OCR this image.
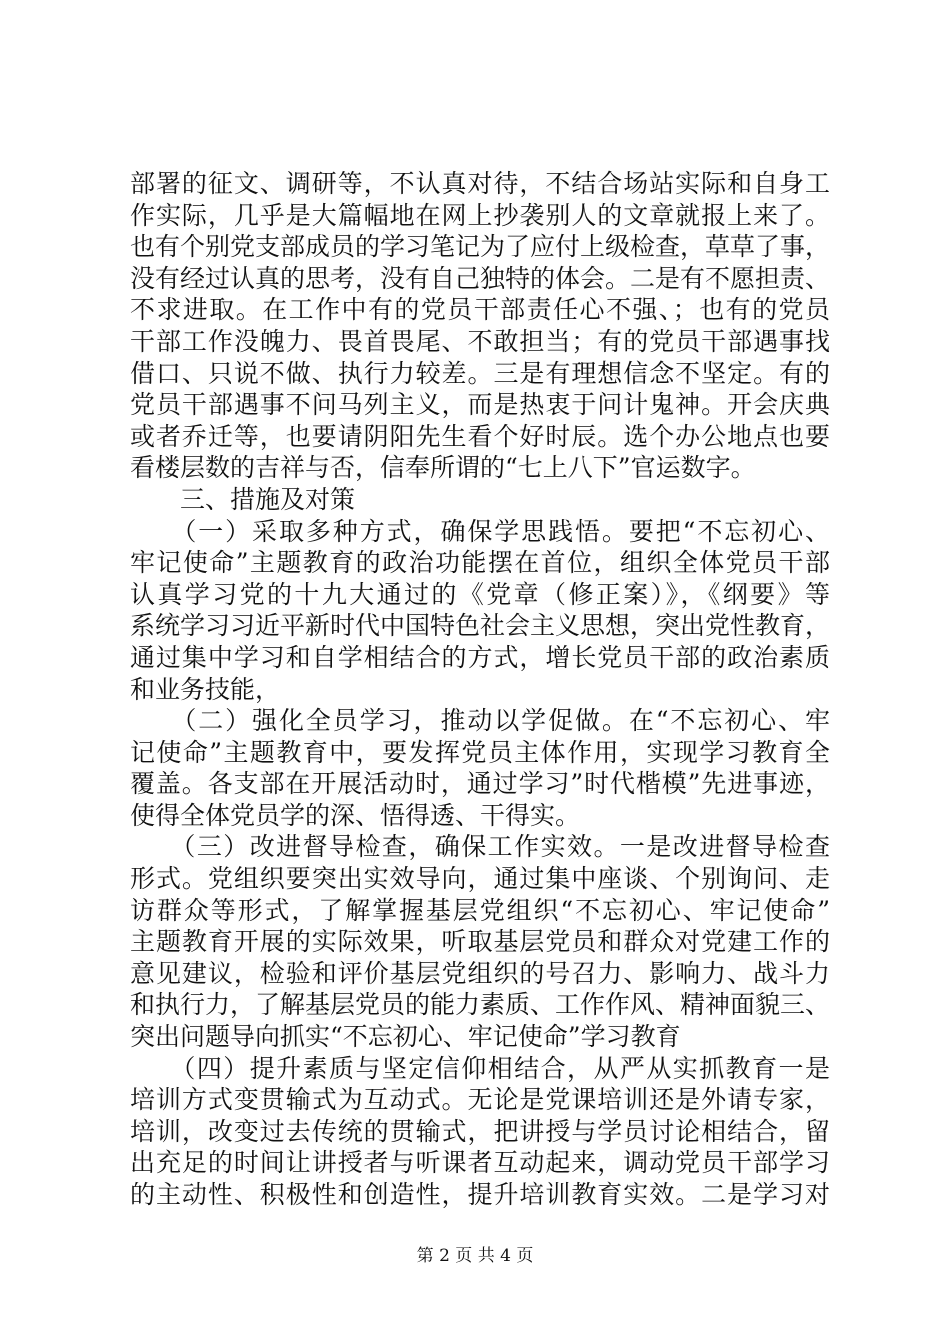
部署的征文、调研等，不认真对待，不结合场站实际和自身工
作实际，几乎是大篇幅地在网上抄袭别人的文章就报上来了。
也有个别党支部成员的学习笔记为了应付上级检查，草草了事，
没有经过认真的思考，没有自己独特的体会。二是有不愿担责、
不求进取。在工作中有的党员干部责任心不强、；也有的党员
干部工作没魄力、畏首畏尾、不敢担当；有的党员干部遇事找
借口、只说不做、执行力较差。三是有理想信念不坚定。有的
党员干部遇事不问马列主义，而是热衷于问计鬼神。开会庆典
或者乔迁等，也要请阴阳先生看个好时辰。选个办公地点也要
看楼层数的吉祥与否，信奉所谓的“七上八下”官运数字。
　　三、措施及对策
　　（一）采取多种方式，确保学思践悟。要把“不忘初心、
牢记使命”主题教育的政治功能摆在首位，组织全体党员干部
认真学习党的十九大通过的《党章（修正案）》，《纲要》等
系统学习习近平新时代中国特色社会主义思想，突出党性教育，
通过集中学习和自学相结合的方式，增长党员干部的政治素质
和业务技能，
　　（二）强化全员学习，推动以学促做。在“不忘初心、牢
记使命”主题教育中，要发挥党员主体作用，实现学习教育全
覆盖。各支部在开展活动时，通过学习”时代楷模”先进事迹，
使得全体党员学的深、悟得透、干得实。
　　（三）改进督导检查，确保工作实效。一是改进督导检查
形式。党组织要突出实效导向，通过集中座谈、个别询问、走
访群众等形式，了解掌握基层党组织“不忘初心、牢记使命”
主题教育开展的实际效果，听取基层党员和群众对党建工作的
意见建议，检验和评价基层党组织的号召力、影响力、战斗力
和执行力，了解基层党员的能力素质、工作作风、精神面貌三、
突出问题导向抓实“不忘初心、牢记使命”学习教育
　　（四）提升素质与坚定信仰相结合，从严从实抓教育一是
培训方式变贯输式为互动式。无论是党课培训还是外请专家，
培训，改变过去传统的贯输式，把讲授与学员讨论相结合，留
出充足的时间让讲授者与听课者互动起来，调动党员干部学习
的主动性、积极性和创造性，提升培训教育实效。二是学习对
第 2 页 共 4 页
